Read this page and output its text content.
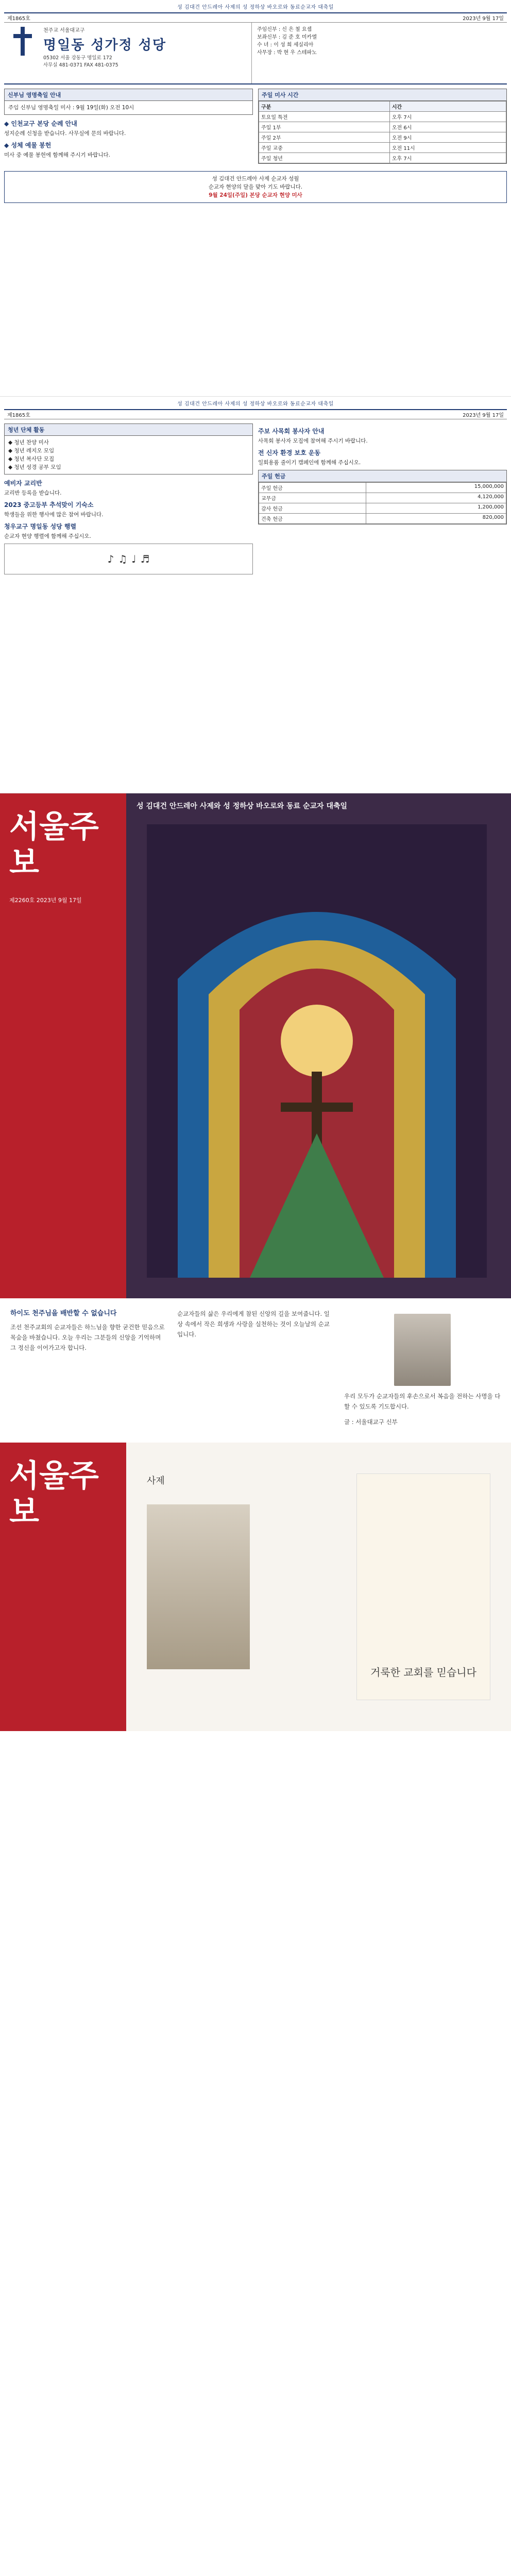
성 김대건 안드레아 사제의 성 정하상 바오로와 동료순교자 대축일
제1865호	2023년 9월 17일
천주교 서울대교구
명일동 성가정 성당
05302 서울 강동구 명일로 172
사무실 481-0371 FAX 481-0375
주임신부 : 신 은 철 요셉
보좌신부 : 김 준 호 미카엘
수 녀 : 이 성 희 세실리아
사무장 : 박 현 우 스테파노
신부님 영명축일 안내
주임 신부님 영명축일 미사 : 9월 19일(화) 오전 10시
◆ 인천교구 본당 순례 안내
성지순례 신청을 받습니다. 사무실에 문의 바랍니다.
◆ 성체 예물 봉헌
미사 중 예물 봉헌에 함께해 주시기 바랍니다.
주일 미사 시간
구분	시간
토요일 특전	오후 7시
주일 1부	오전 6시
주일 2부	오전 9시
주일 교중	오전 11시
주일 청년	오후 7시
성 김대건 안드레아 사제 순교자 성월
순교자 현양의 달을 맞아 기도 바랍니다.
9월 24일(주일) 본당 순교자 현양 미사
성 김대건 안드레아 사제의 성 정하상 바오로와 동료순교자 대축일
제1865호	2023년 9월 17일
청년 단체 활동
◆ 청년 찬양 미사
◆ 청년 레지오 모임
◆ 청년 복사단 모집
◆ 청년 성경 공부 모임
예비자 교리반
교리반 등록을 받습니다.
2023 중고등부 추석맞이 기숙소
학생들을 위한 행사에 많은 참여 바랍니다.
청우교구 명일동 성당 행렬
순교자 현양 행렬에 함께해 주십시오.
♪ ♫ ♩ ♬
주보 사목회 봉사자 안내
사목회 봉사자 모집에 참여해 주시기 바랍니다.
전 신자 환경 보호 운동
일회용품 줄이기 캠페인에 함께해 주십시오.
주일 헌금
주일 헌금	15,000,000
교무금	4,120,000
감사 헌금	1,200,000
건축 헌금	820,000
서울주보
제2260호 2023년 9월 17일
성 김대건 안드레아 사제와 성 정하상 바오로와 동료 순교자 대축일
하이도 천주님을 배반할 수 없습니다

조선 천주교회의 순교자들은 하느님을 향한 굳건한 믿음으로 목숨을 바쳤습니다. 오늘 우리는 그분들의 신앙을 기억하며 그 정신을 이어가고자 합니다.

순교자들의 삶은 우리에게 참된 신앙의 길을 보여줍니다. 일상 속에서 작은 희생과 사랑을 실천하는 것이 오늘날의 순교입니다.

우리 모두가 순교자들의 후손으로서 복음을 전하는 사명을 다할 수 있도록 기도합시다.

글 : 서울대교구 신부

서울주보
사제
거룩한 교회를 믿습니다
